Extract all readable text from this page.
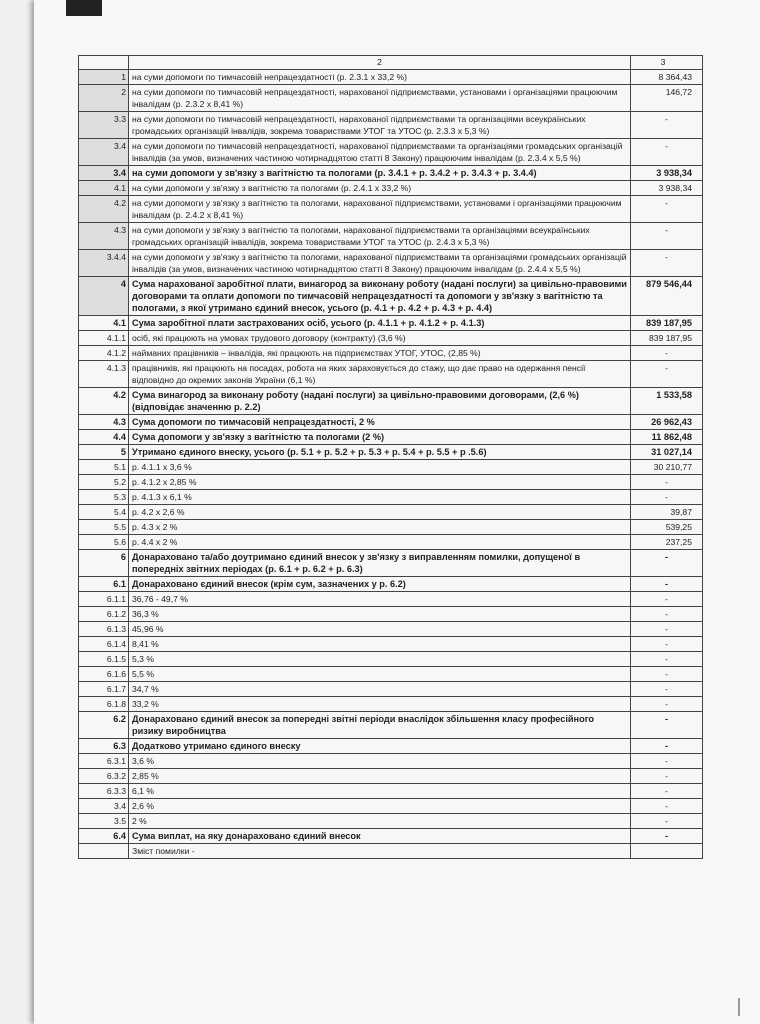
	2	3
1	на суми допомоги по тимчасовій непрацездатності (р. 2.3.1 х 33,2 %)	8 364,43
2	на суми допомоги по тимчасовій непрацездатності, нарахованої підприємствами, установами і організаціями працюючим інвалідам (р. 2.3.2 х 8,41 %)	146,72
3.3	на суми допомоги по тимчасовій непрацездатності, нарахованої підприємствами та організаціями всеукраїнських громадських організацій інвалідів, зокрема товариствами УТОГ та УТОС (р. 2.3.3 х 5,3 %)	-
3.4	на суми допомоги по тимчасовій непрацездатності, нарахованої підприємствами та організаціями громадських організацій інвалідів (за умов, визначених частиною чотирнадцятою статті 8 Закону) працюючим інвалідам (р. 2.3.4 х 5,5 %)	-
3.4	на суми допомоги у зв'язку з вагітністю та пологами (р. 3.4.1 + р. 3.4.2 + р. 3.4.3 + р. 3.4.4)	3 938,34
4.1	на суми допомоги у зв'язку з вагітністю та пологами (р. 2.4.1 х 33,2 %)	3 938,34
4.2	на суми допомоги у зв'язку з вагітністю та пологами, нарахованої підприємствами, установами і організаціями працюючим інвалідам (р. 2.4.2 х 8,41 %)	-
4.3	на суми допомоги у зв'язку з вагітністю та пологами, нарахованої підприємствами та організаціями всеукраїнських громадських організацій інвалідів, зокрема товариствами УТОГ та УТОС (р. 2.4.3 х 5,3 %)	-
3.4.4	на суми допомоги у зв'язку з вагітністю та пологами, нарахованої підприємствами та організаціями громадських організацій інвалідів (за умов, визначених частиною чотирнадцятою статті 8 Закону) працюючим інвалідам (р. 2.4.4 х 5,5 %)	-
4	Сума нарахованої заробітної плати, винагород за виконану роботу (надані послуги) за цивільно-правовими договорами та оплати допомоги по тимчасовій непрацездатності та допомоги у зв'язку з вагітністю та пологами, з якої утримано єдиний внесок, усього (р. 4.1 + р. 4.2 + р. 4.3 + р. 4.4)	879 546,44
4.1	Сума заробітної плати застрахованих осіб, усього (р. 4.1.1 + р. 4.1.2 + р. 4.1.3)	839 187,95
4.1.1	осіб, які працюють на умовах трудового договору (контракту) (3,6 %)	839 187,95
4.1.2	найманих працівників – інвалідів, які працюють на підприємствах УТОГ, УТОС, (2,85 %)	-
4.1.3	працівників, які працюють на посадах, робота на яких зараховується до стажу, що дає право на одержання пенсії відповідно до окремих законів України (6,1 %)	-
4.2	Сума винагород за виконану роботу (надані послуги) за цивільно-правовими договорами, (2,6 %) (відповідає значенню р. 2.2)	1 533,58
4.3	Сума допомоги по тимчасовій непрацездатності, 2 %	26 962,43
4.4	Сума допомоги у зв'язку з вагітністю та пологами (2 %)	11 862,48
5	Утримано єдиного внеску, усього (р. 5.1 + р. 5.2 + р. 5.3 + р. 5.4 + р. 5.5 + р .5.6)	31 027,14
5.1	р. 4.1.1 х 3,6 %	30 210,77
5.2	р. 4.1.2 х 2,85 %	-
5.3	р. 4.1.3 х 6,1 %	-
5.4	р. 4.2 х 2,6 %	39,87
5.5	р. 4.3 х 2 %	539,25
5.6	р. 4.4 х 2 %	237,25
6	Донараховано та/або доутримано єдиний внесок у зв'язку з виправленням помилки, допущеної в попередніх звітних періодах (р. 6.1 + р. 6.2 + р. 6.3)	-
6.1	Донараховано єдиний внесок (крім сум, зазначених у р. 6.2)	-
6.1.1	36,76 - 49,7 %	-
6.1.2	36,3 %	-
6.1.3	45,96 %	-
6.1.4	8,41 %	-
6.1.5	5,3 %	-
6.1.6	5,5 %	-
6.1.7	34,7 %	-
6.1.8	33,2 %	-
6.2	Донараховано єдиний внесок за попередні звітні періоди внаслідок збільшення класу професійного ризику виробництва	-
6.3	Додатково утримано єдиного внеску	-
6.3.1	3,6 %	-
6.3.2	2,85 %	-
6.3.3	6,1 %	-
3.4	2,6 %	-
3.5	2 %	-
6.4	Сума виплат, на яку донараховано єдиний внесок	-
	Зміст помилки -	
